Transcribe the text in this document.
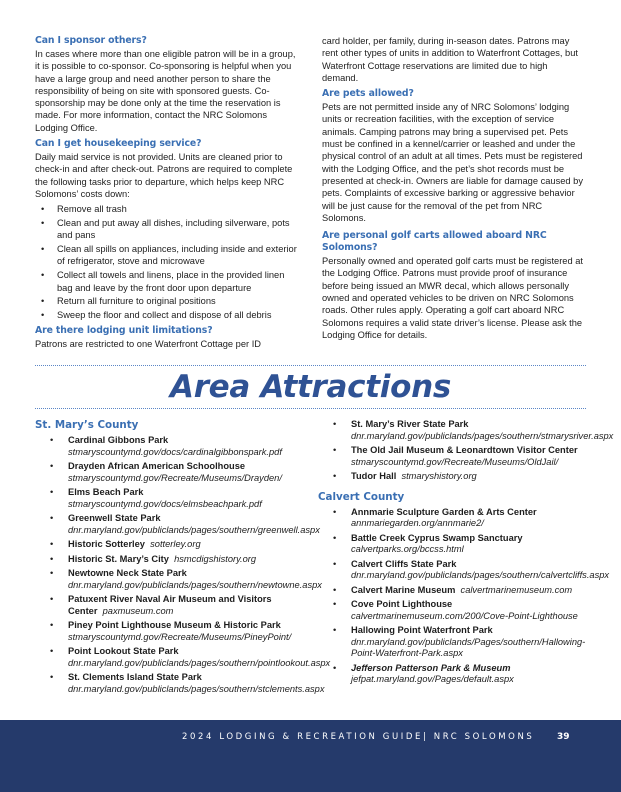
Can I sponsor others?

In cases where more than one eligible patron will be in a group, it is possible to co-sponsor. Co-sponsoring is helpful when you have a large group and need another person to share the responsibility of being on site with sponsored guests. Co-sponsorship may be done only at the time the reservation is made. For more information, contact the NRC Solomons Lodging Office.

Can I get housekeeping service?

Daily maid service is not provided. Units are cleaned prior to check-in and after check-out. Patrons are required to complete the following tasks prior to departure, which helps keep NRC Solomons’ costs down:

• Remove all trash
• Clean and put away all dishes, including silverware, pots and pans
• Clean all spills on appliances, including inside and exterior of refrigerator, stove and microwave
• Collect all towels and linens, place in the provided linen bag and leave by the front door upon departure
• Return all furniture to original positions
• Sweep the floor and collect and dispose of all debris
Are there lodging unit limitations?

Patrons are restricted to one Waterfront Cottage per ID

card holder, per family, during in-season dates. Patrons may rent other types of units in addition to Waterfront Cottages, but Waterfront Cottage reservations are limited due to high demand.

Are pets allowed?

Pets are not permitted inside any of NRC Solomons’ lodging units or recreation facilities, with the exception of service animals. Camping patrons may bring a supervised pet. Pets must be confined in a kennel/carrier or leashed and under the physical control of an adult at all times. Pets must be registered with the Lodging Office, and the pet’s shot records must be presented at check-in. Owners are liable for damage caused by pets. Complaints of excessive barking or aggressive behavior will be just cause for the removal of the pet from NRC Solomons.

Are personal golf carts allowed aboard NRC Solomons?

Personally owned and operated golf carts must be registered at the Lodging Office. Patrons must provide proof of insurance before being issued an MWR decal, which allows personally owned and operated vehicles to be driven on NRC Solomons roads. Other rules apply. Operating a golf cart aboard NRC Solomons requires a valid state driver’s license. Please ask the Lodging Office for details.

Area Attractions
St. Mary’s County
• Cardinal Gibbons Park  stmaryscountymd.gov/docs/cardinalgibbonspark.pdf
• Drayden African American Schoolhouse  stmaryscountymd.gov/Recreate/Museums/Drayden/
• Elms Beach Park  stmaryscountymd.gov/docs/elmsbeachpark.pdf
• Greenwell State Park  dnr.maryland.gov/publiclands/pages/southern/greenwell.aspx
• Historic Sotterley sotterley.org
• Historic St. Mary’s City hsmcdigshistory.org
• Newtowne Neck State Park  dnr.maryland.gov/publiclands/pages/southern/newtowne.aspx
• Patuxent River Naval Air Museum and Visitors Center paxmuseum.com
• Piney Point Lighthouse Museum & Historic Park  stmaryscountymd.gov/Recreate/Museums/PineyPoint/
• Point Lookout State Park  dnr.maryland.gov/publiclands/pages/southern/pointlookout.aspx
• St. Clements Island State Park  dnr.maryland.gov/publiclands/pages/southern/stclements.aspx
• St. Mary’s River State Park  dnr.maryland.gov/publiclands/pages/southern/stmarysriver.aspx
• The Old Jail Museum & Leonardtown Visitor Center  stmaryscountymd.gov/Recreate/Museums/OldJail/
• Tudor Hall stmaryshistory.org
Calvert County
• Annmarie Sculpture Garden & Arts Center  annmariegarden.org/annmarie2/
• Battle Creek Cyprus Swamp Sanctuary  calvertparks.org/bccss.html
• Calvert Cliffs State Park  dnr.maryland.gov/publiclands/pages/southern/calvertcliffs.aspx
• Calvert Marine Museum calvertmarinemuseum.com
• Cove Point Lighthouse  calvertmarinemuseum.com/200/Cove-Point-Lighthouse
• Hallowing Point Waterfront Park  dnr.maryland.gov/publiclands/Pages/southern/Hallowing-Point-Waterfront-Park.aspx
• Jefferson Patterson Park & Museum  jefpat.maryland.gov/Pages/default.aspx
2024 LODGING & RECREATION GUIDE| NRC SOLOMONS	39
